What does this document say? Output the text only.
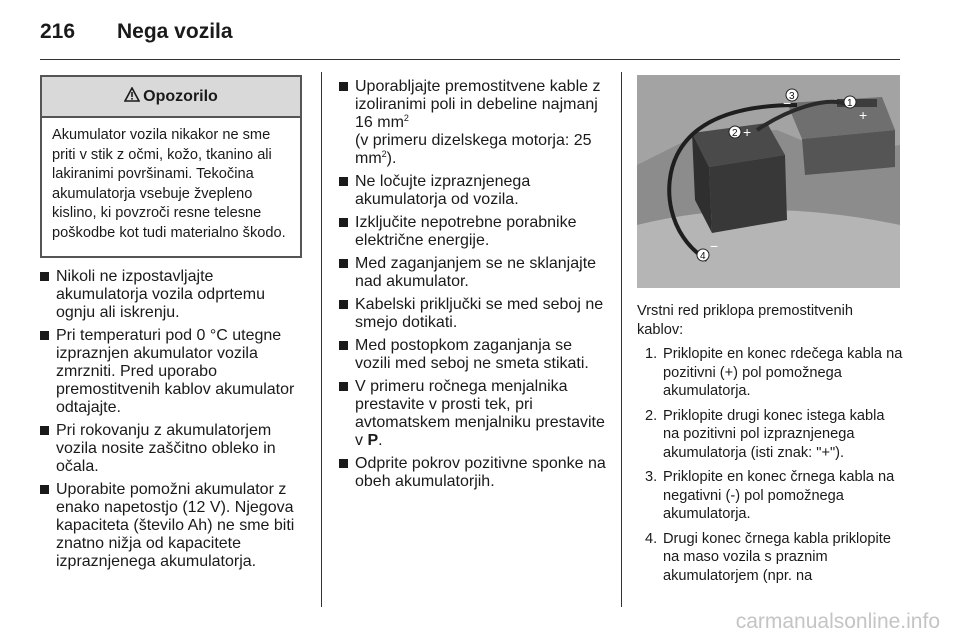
216	Nega vozila
Opozorilo
Akumulator vozila nikakor ne sme priti v stik z očmi, kožo, tkanino ali lakiranimi površinami. Tekočina akumulatorja vsebuje žvepleno kislino, ki povzroči resne telesne poškodbe kot tudi materialno škodo.
Nikoli ne izpostavljajte akumulatorja vozila odprtemu ognju ali iskrenju.
Pri temperaturi pod 0 °C utegne izpraznjen akumulator vozila zmrzniti. Pred uporabo premostitvenih kablov akumulator odtajajte.
Pri rokovanju z akumulatorjem vozila nosite zaščitno obleko in očala.
Uporabite pomožni akumulator z enako napetostjo (12 V). Njegova kapaciteta (število Ah) ne sme biti znatno nižja od kapacitete izpraznjenega akumulatorja.
Uporabljajte premostitvene kable z izoliranimi poli in debeline najmanj 16 $mm^2$
(v primeru dizelskega motorja: 25 $mm^2$).
Ne ločujte izpraznjenega akumulatorja od vozila.
Izključite nepotrebne porabnike električne energije.
Med zaganjanjem se ne sklanjajte nad akumulator.
Kabelski priključki se med seboj ne smejo dotikati.
Med postopkom zaganjanja se vozili med seboj ne smeta stikati.
V primeru ročnega menjalnika prestavite v prosti tek, pri avtomatskem menjalniku prestavite v P.
Odprite pokrov pozitivne sponke na obeh akumulatorjih.
1
+
2 +
3
−
4
−
Vrstni red priklopa premostitvenih kablov:
1. Priklopite en konec rdečega kabla na pozitivni (+) pol pomožnega akumulatorja.
2. Priklopite drugi konec istega kabla na pozitivni pol izpraznjenega akumulatorja (isti znak: "+").
3. Priklopite en konec črnega kabla na negativni (-) pol pomožnega akumulatorja.
4. Drugi konec črnega kabla priklopite na maso vozila s praznim akumulatorjem (npr. na
carmanualsonline.info
